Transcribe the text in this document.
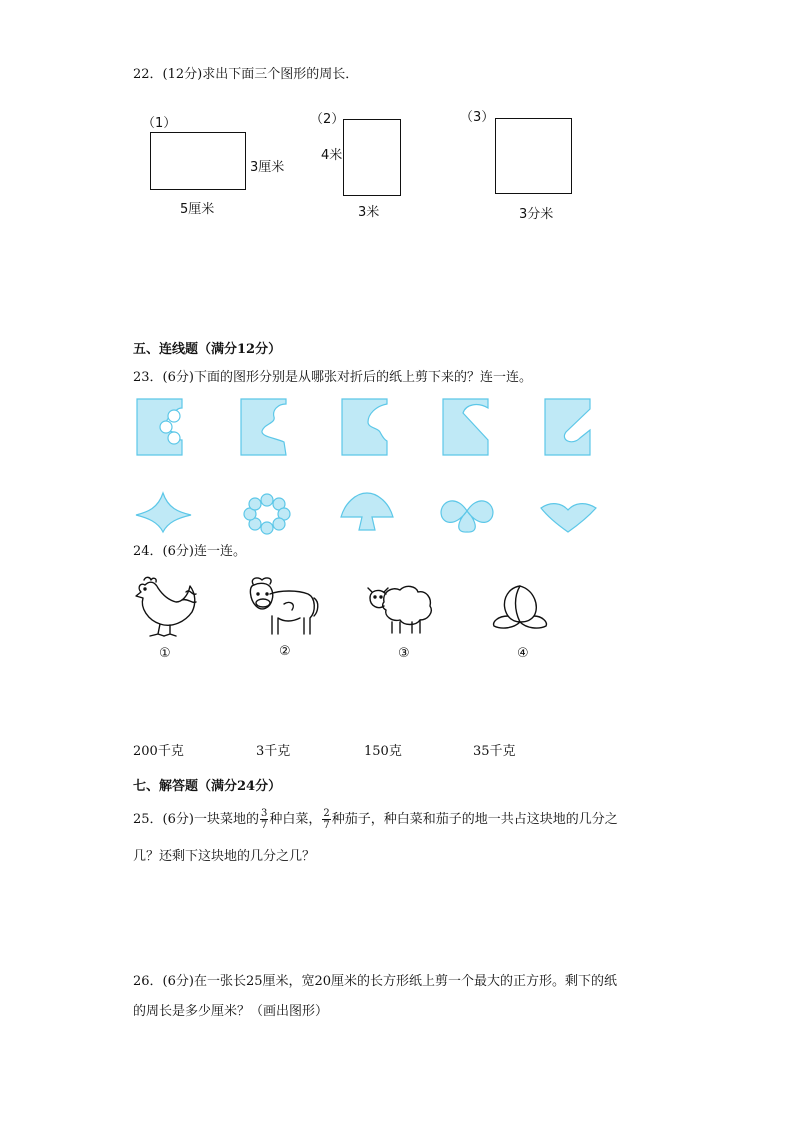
22．(12分)求出下面三个图形的周长．
（1）
3厘米
5厘米
（2）
4米
3米
（3）
3分米
五、连线题（满分12分）
23．(6分)下面的图形分别是从哪张对折后的纸上剪下来的？连一连。
24．(6分)连一连。
①	②	③	④
200千克	3千克	150克	35千克
七、解答题（满分24分）
25．(6分)一块菜地的 $\frac{3}{7}$ 种白菜， $\frac{2}{7}$ 种茄子，种白菜和茄子的地一共占这块地的几分之
几？还剩下这块地的几分之几？
26．(6分)在一张长25厘米，宽20厘米的长方形纸上剪一个最大的正方形。剩下的纸
的周长是多少厘米？（画出图形）
